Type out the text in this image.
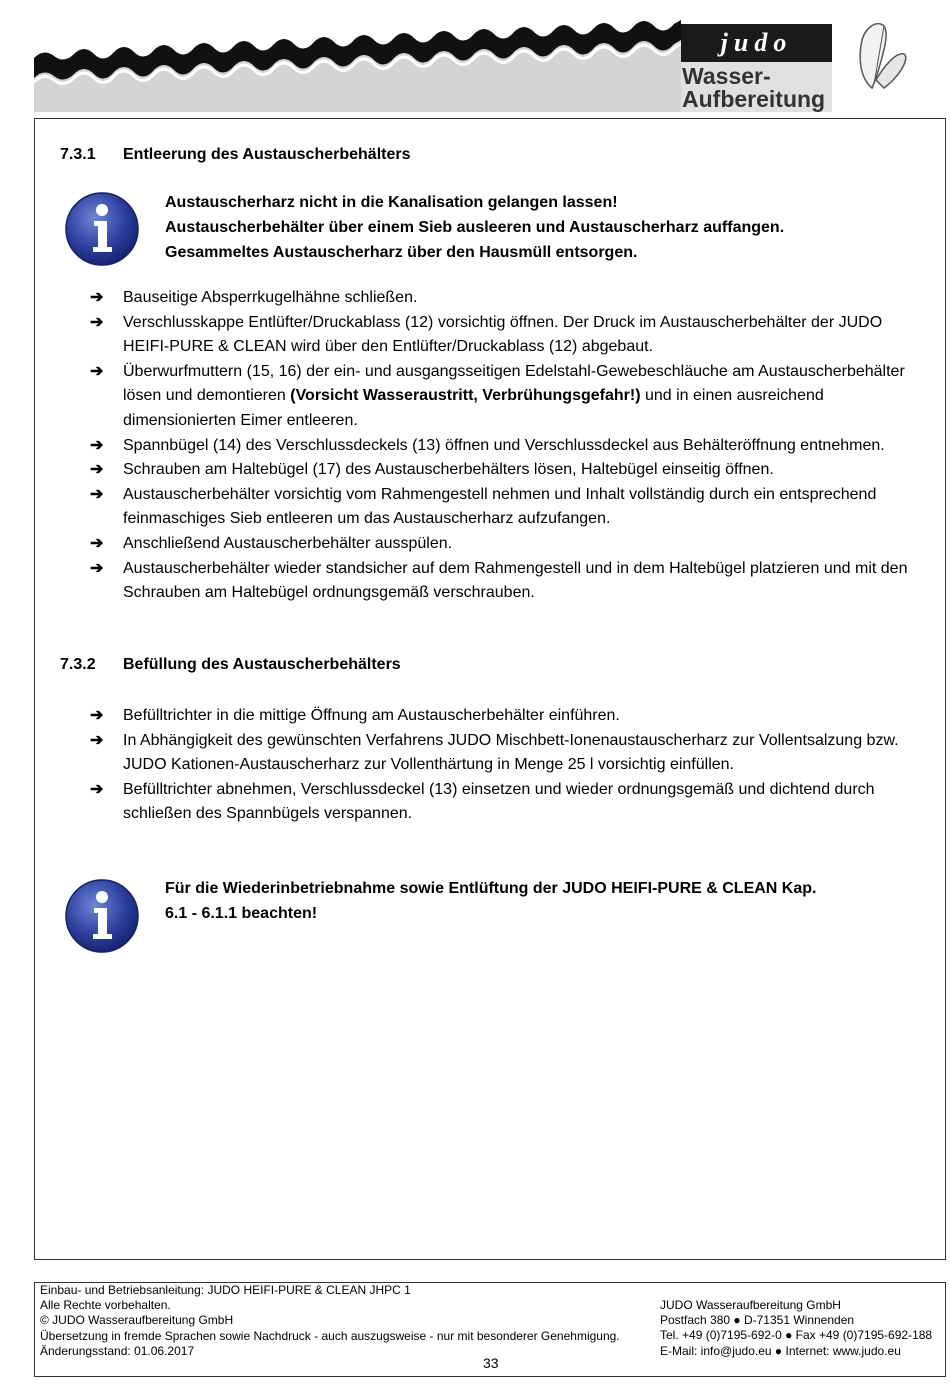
judo
Wasser-
Aufbereitung
7.3.1 Entleerung des Austauscherbehälters
Austauscherharz nicht in die Kanalisation gelangen lassen!
Austauscherbehälter über einem Sieb ausleeren und Austauscherharz auffangen.
Gesammeltes Austauscherharz über den Hausmüll entsorgen.
➔ Bauseitige Absperrkugelhähne schließen.
➔ Verschlusskappe Entlüfter/Druckablass (12) vorsichtig öffnen. Der Druck im Austauscherbehälter der JUDO HEIFI-PURE & CLEAN wird über den Entlüfter/Druckablass (12) abgebaut.
➔ Überwurfmuttern (15, 16) der ein- und ausgangsseitigen Edelstahl-Gewebeschläuche am Austauscherbehälter lösen und demontieren (Vorsicht Wasseraustritt, Verbrühungsgefahr!) und in einen ausreichend dimensionierten Eimer entleeren.
➔ Spannbügel (14) des Verschlussdeckels (13) öffnen und Verschlussdeckel aus Behälteröffnung entnehmen.
➔ Schrauben am Haltebügel (17) des Austauscherbehälters lösen, Haltebügel einseitig öffnen.
➔ Austauscherbehälter vorsichtig vom Rahmengestell nehmen und Inhalt vollständig durch ein entsprechend feinmaschiges Sieb entleeren um das Austauscherharz aufzufangen.
➔ Anschließend Austauscherbehälter ausspülen.
➔ Austauscherbehälter wieder standsicher auf dem Rahmengestell und in dem Haltebügel platzieren und mit den Schrauben am Haltebügel ordnungsgemäß verschrauben.
7.3.2 Befüllung des Austauscherbehälters
➔ Befülltrichter in die mittige Öffnung am Austauscherbehälter einführen.
➔ In Abhängigkeit des gewünschten Verfahrens JUDO Mischbett-Ionenaustauscherharz zur Vollentsalzung bzw. JUDO Kationen-Austauscherharz zur Vollenthärtung in Menge 25 l vorsichtig einfüllen.
➔ Befülltrichter abnehmen, Verschlussdeckel (13) einsetzen und wieder ordnungsgemäß und dichtend durch schließen des Spannbügels verspannen.
Für die Wiederinbetriebnahme sowie Entlüftung der JUDO HEIFI-PURE & CLEAN Kap.
6.1 - 6.1.1 beachten!
Einbau- und Betriebsanleitung: JUDO HEIFI-PURE & CLEAN JHPC 1
Alle Rechte vorbehalten.
© JUDO Wasseraufbereitung GmbH
Übersetzung in fremde Sprachen sowie Nachdruck - auch auszugsweise - nur mit besonderer Genehmigung.
Änderungsstand: 01.06.2017
JUDO Wasseraufbereitung GmbH
Postfach 380 ● D-71351 Winnenden
Tel. +49 (0)7195-692-0 ● Fax +49 (0)7195-692-188
E-Mail: info@judo.eu ● Internet: www.judo.eu
33
